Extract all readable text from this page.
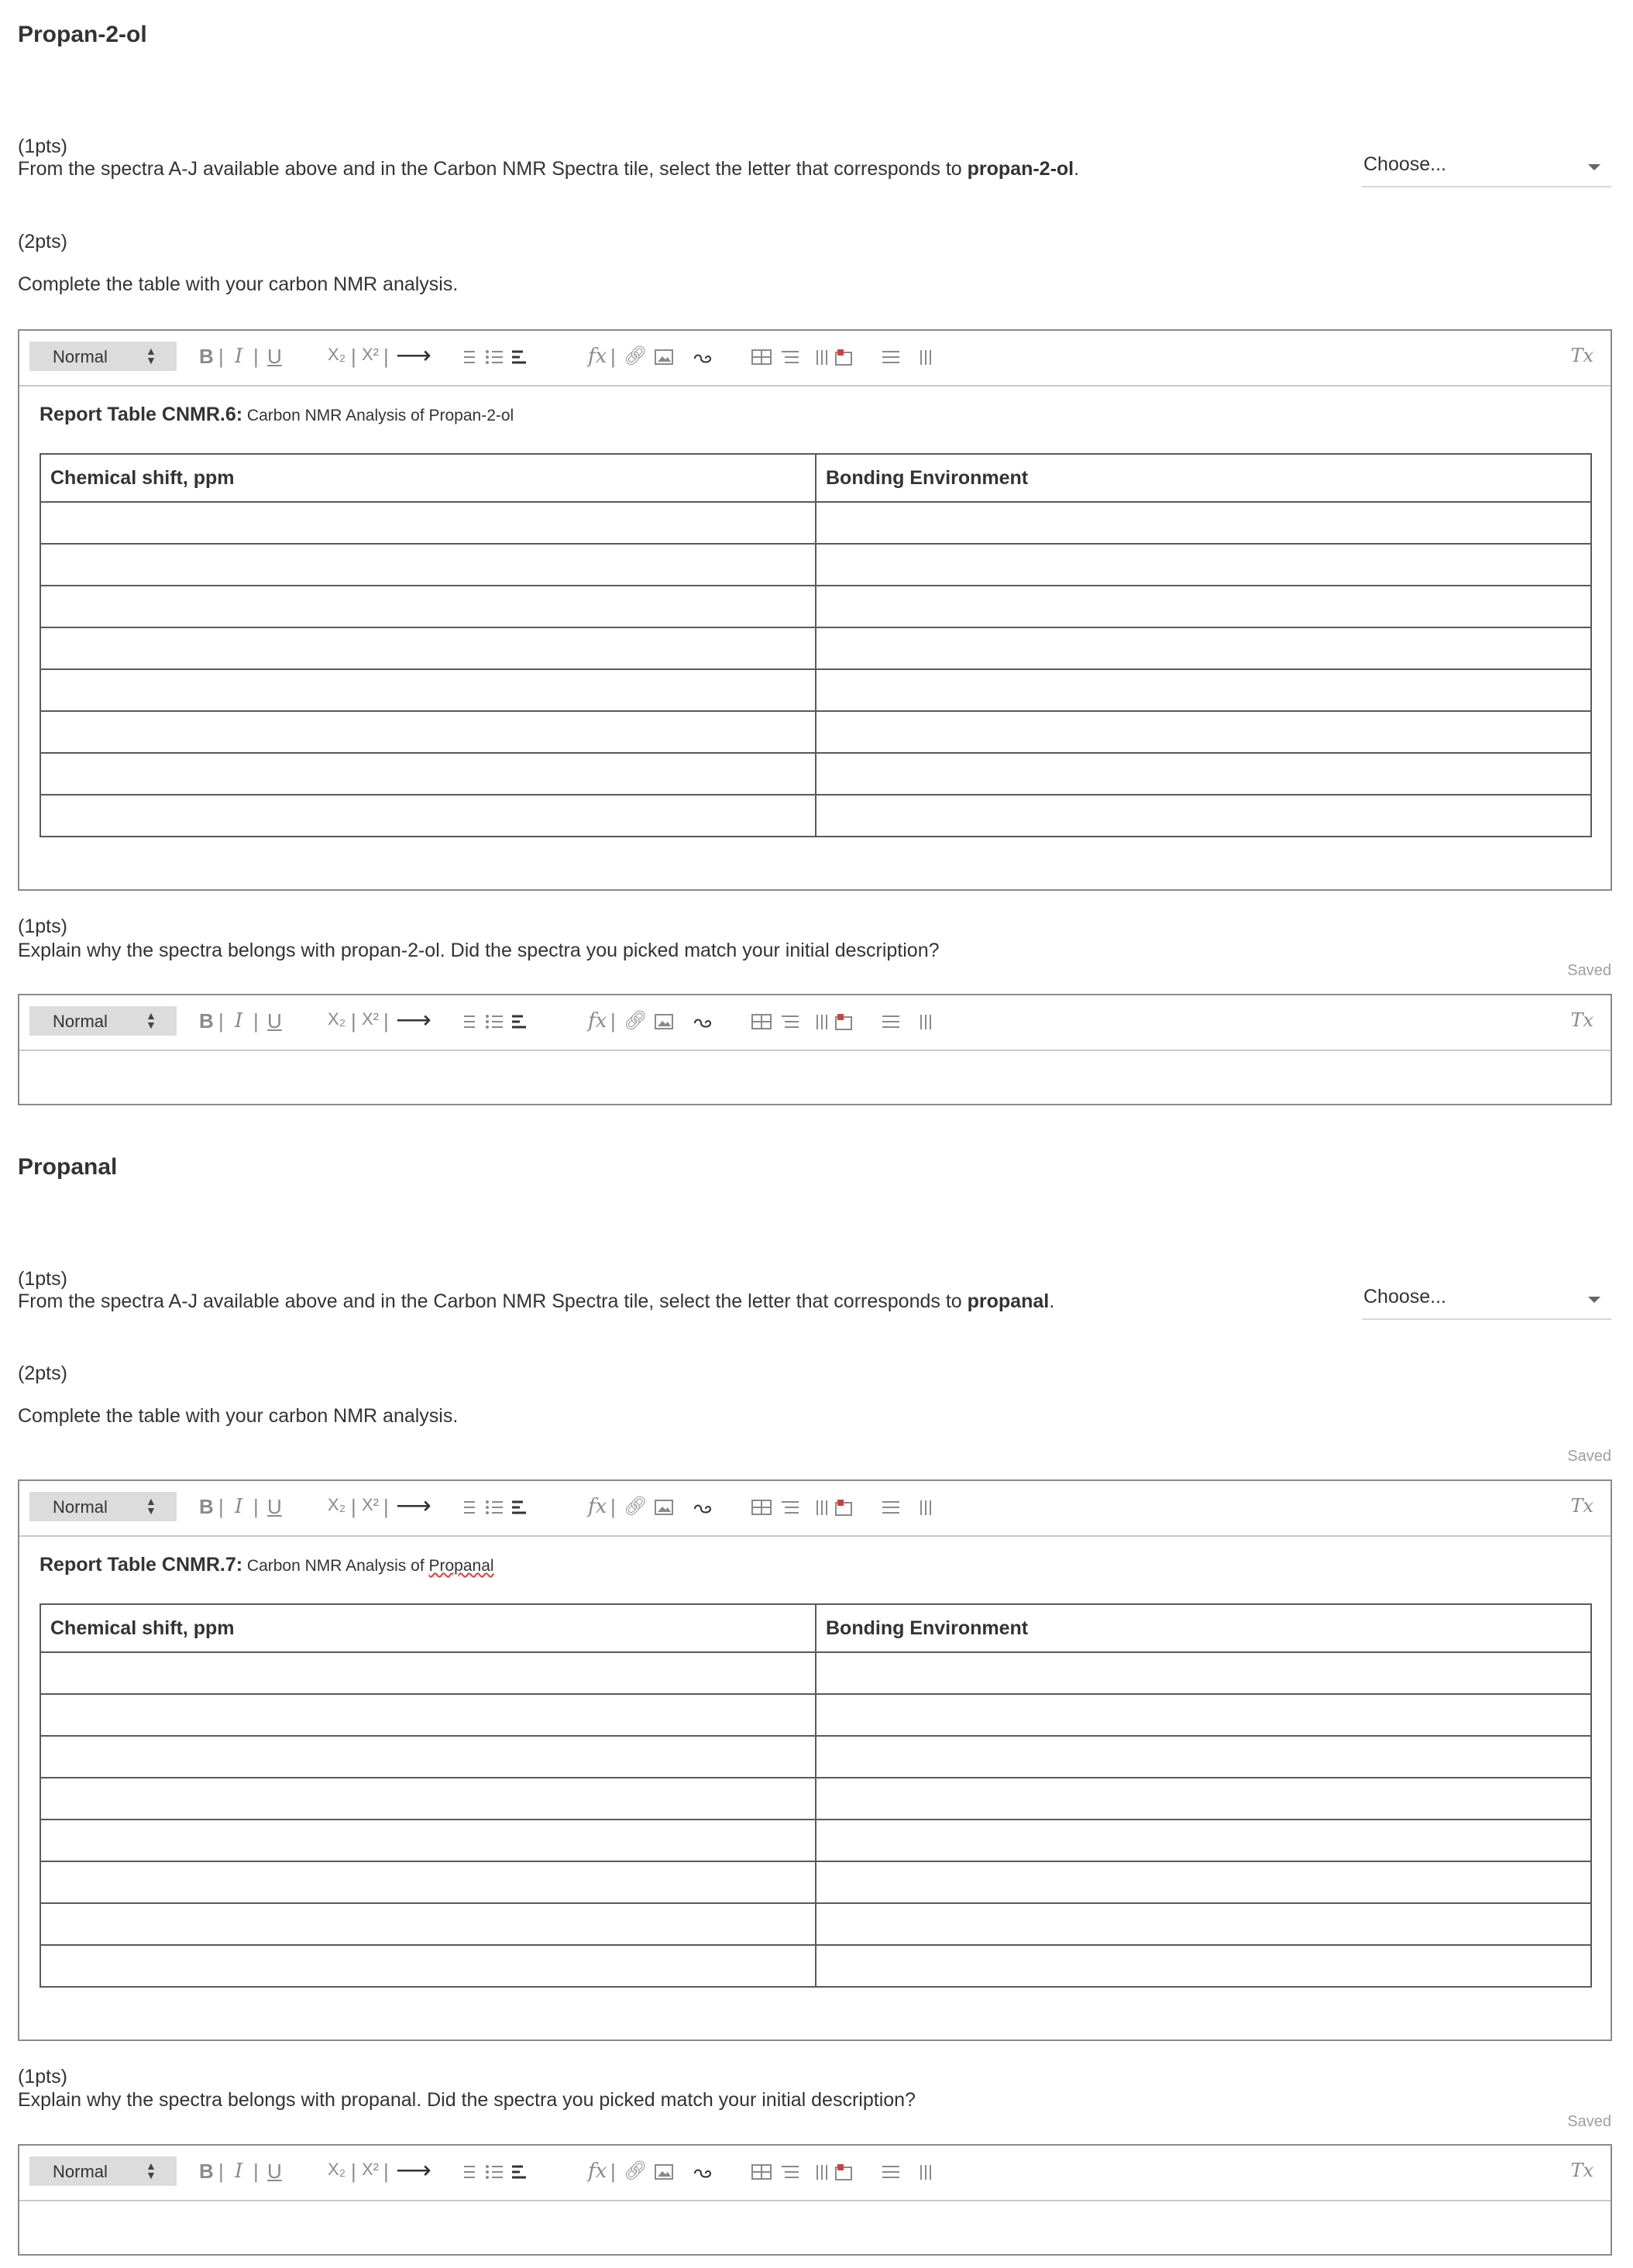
Propan-2-ol
(1pts)
From the spectra A-J available above and in the Carbon NMR Spectra tile, select the letter that corresponds to propan-2-ol.	Choose...
(2pts)
Complete the table with your carbon NMR analysis.
Normal	▲
▼ B | I | U	X₂ | X² | ⟶	fx | 🔗︎	Tx
Report Table CNMR.6: Carbon NMR Analysis of Propan-2-ol
Chemical shift, ppm	Bonding Environment

(1pts)
Explain why the spectra belongs with propan-2-ol. Did the spectra you picked match your initial description?
Saved
Normal	▲
▼ B | I | U	X₂ | X² | ⟶	fx | 🔗︎	Tx
Propanal
(1pts)
From the spectra A-J available above and in the Carbon NMR Spectra tile, select the letter that corresponds to propanal.	Choose...
(2pts)
Complete the table with your carbon NMR analysis.
Saved
Normal	▲
▼ B | I | U	X₂ | X² | ⟶	fx | 🔗︎	Tx
Report Table CNMR.7: Carbon NMR Analysis of Propanal
Chemical shift, ppm	Bonding Environment

(1pts)
Explain why the spectra belongs with propanal. Did the spectra you picked match your initial description?
Saved
Normal	▲
▼ B | I | U	X₂ | X² | ⟶	fx | 🔗︎	Tx
